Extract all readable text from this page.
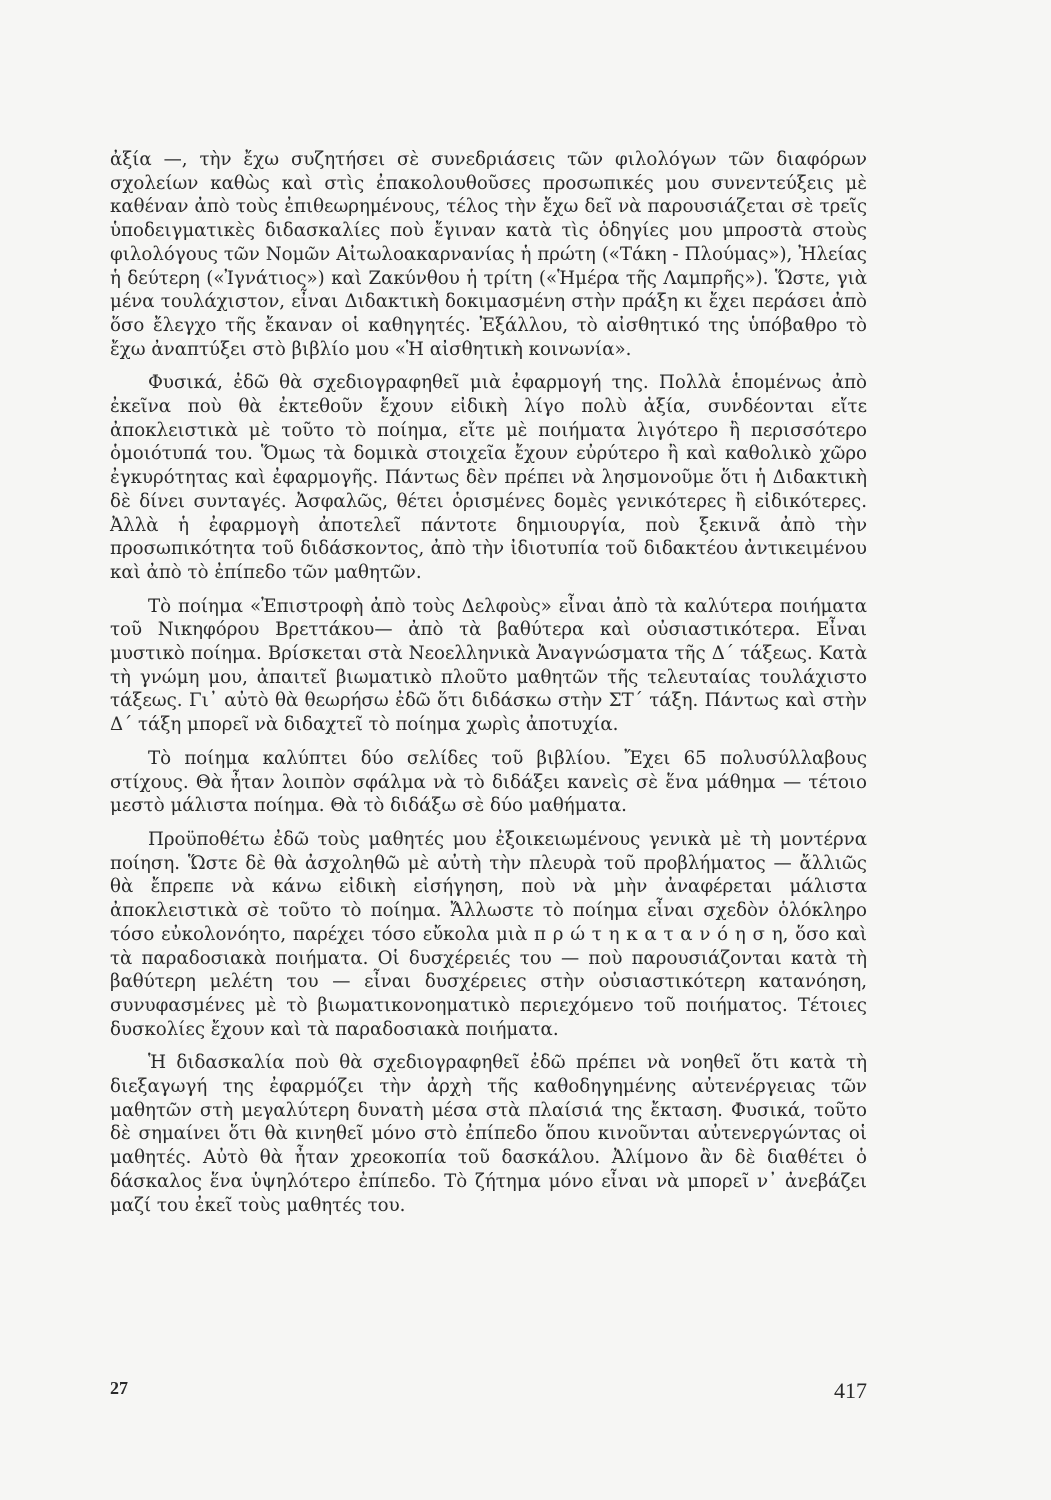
ἀξία —, τὴν ἔχω συζητήσει σὲ συνεδριάσεις τῶν φιλολόγων τῶν διαφόρων σχολείων καθὼς καὶ στὶς ἐπακολουθοῦσες προσωπικές μου συνεντεύξεις μὲ καθέναν ἀπὸ τοὺς ἐπιθεωρημένους, τέλος τὴν ἔχω δεῖ νὰ παρουσιάζεται σὲ τρεῖς ὑποδειγματικὲς διδασκαλίες ποὺ ἔγιναν κατὰ τὶς ὁδηγίες μου μπροστὰ στοὺς φιλολόγους τῶν Νομῶν Αἰτωλοακαρνανίας ἡ πρώτη («Τάκη - Πλούμας»), Ἠλείας ἡ δεύτερη («Ἰγνάτιος») καὶ Ζακύνθου ἡ τρίτη («Ἡμέρα τῆς Λαμπρῆς»). Ὥστε, γιὰ μένα τουλάχιστον, εἶναι Διδακτικὴ δοκιμασμένη στὴν πράξη κι ἔχει περάσει ἀπὸ ὅσο ἔλεγχο τῆς ἔκαναν οἱ καθηγητές. Ἐξάλλου, τὸ αἰσθητικό της ὑπόβαθρο τὸ ἔχω ἀναπτύξει στὸ βιβλίο μου «Ἡ αἰσθητικὴ κοινωνία».

Φυσικά, ἐδῶ θὰ σχεδιογραφηθεῖ μιὰ ἐφαρμογή της. Πολλὰ ἑπομένως ἀπὸ ἐκεῖνα ποὺ θὰ ἐκτεθοῦν ἔχουν εἰδικὴ λίγο πολὺ ἀξία, συνδέονται εἴτε ἀποκλειστικὰ μὲ τοῦτο τὸ ποίημα, εἴτε μὲ ποιήματα λιγότερο ἢ περισσότερο ὁμοιότυπά του. Ὅμως τὰ δομικὰ στοιχεῖα ἔχουν εὐρύτερο ἢ καὶ καθολικὸ χῶρο ἐγκυρότητας καὶ ἐφαρμογῆς. Πάντως δὲν πρέπει νὰ λησμονοῦμε ὅτι ἡ Διδακτικὴ δὲ δίνει συνταγές. Ἀσφαλῶς, θέτει ὁρισμένες δομὲς γενικότερες ἢ εἰδικότερες. Ἀλλὰ ἡ ἐφαρμογὴ ἀποτελεῖ πάντοτε δημιουργία, ποὺ ξεκινᾶ ἀπὸ τὴν προσωπικότητα τοῦ διδάσκοντος, ἀπὸ τὴν ἰδιοτυπία τοῦ διδακτέου ἀντικειμένου καὶ ἀπὸ τὸ ἐπίπεδο τῶν μαθητῶν.

Τὸ ποίημα «Ἐπιστροφὴ ἀπὸ τοὺς Δελφοὺς» εἶναι ἀπὸ τὰ καλύτερα ποιήματα τοῦ Νικηφόρου Βρεττάκου— ἀπὸ τὰ βαθύτερα καὶ οὐσιαστικότερα. Εἶναι μυστικὸ ποίημα. Βρίσκεται στὰ Νεοελληνικὰ Ἀναγνώσματα τῆς Δ΄ τάξεως. Κατὰ τὴ γνώμη μου, ἀπαιτεῖ βιωματικὸ πλοῦτο μαθητῶν τῆς τελευταίας τουλάχιστο τάξεως. Γι᾽ αὐτὸ θὰ θεωρήσω ἐδῶ ὅτι διδάσκω στὴν ΣΤ΄ τάξη. Πάντως καὶ στὴν Δ΄ τάξη μπορεῖ νὰ διδαχτεῖ τὸ ποίημα χωρὶς ἀποτυχία.

Τὸ ποίημα καλύπτει δύο σελίδες τοῦ βιβλίου. Ἔχει 65 πολυσύλλαβους στίχους. Θὰ ἦταν λοιπὸν σφάλμα νὰ τὸ διδάξει κανεὶς σὲ ἕνα μάθημα — τέτοιο μεστὸ μάλιστα ποίημα. Θὰ τὸ διδάξω σὲ δύο μαθήματα.

Προϋποθέτω ἐδῶ τοὺς μαθητές μου ἐξοικειωμένους γενικὰ μὲ τὴ μοντέρνα ποίηση. Ὥστε δὲ θὰ ἀσχοληθῶ μὲ αὐτὴ τὴν πλευρὰ τοῦ προβλήματος — ἄλλιῶς θὰ ἔπρεπε νὰ κάνω εἰδικὴ εἰσήγηση, ποὺ νὰ μὴν ἀναφέρεται μάλιστα ἀποκλειστικὰ σὲ τοῦτο τὸ ποίημα. Ἄλλωστε τὸ ποίημα εἶναι σχεδὸν ὁλόκληρο τόσο εὐκολονόητο, παρέχει τόσο εὔκολα μιὰ π ρ ώ τ η κ α τ α ν ό η σ η, ὅσο καὶ τὰ παραδοσιακὰ ποιήματα. Οἱ δυσχέρειές του — ποὺ παρουσιάζονται κατὰ τὴ βαθύτερη μελέτη του — εἶναι δυσχέρειες στὴν οὐσιαστικότερη κατανόηση, συνυφασμένες μὲ τὸ βιωματικονοηματικὸ περιεχόμενο τοῦ ποιήματος. Τέτοιες δυσκολίες ἔχουν καὶ τὰ παραδοσιακὰ ποιήματα.

Ἡ διδασκαλία ποὺ θὰ σχεδιογραφηθεῖ ἐδῶ πρέπει νὰ νοηθεῖ ὅτι κατὰ τὴ διεξαγωγή της ἐφαρμόζει τὴν ἀρχὴ τῆς καθοδηγημένης αὐτενέργειας τῶν μαθητῶν στὴ μεγαλύτερη δυνατὴ μέσα στὰ πλαίσιά της ἔκταση. Φυσικά, τοῦτο δὲ σημαίνει ὅτι θὰ κινηθεῖ μόνο στὸ ἐπίπεδο ὅπου κινοῦνται αὐτενεργώντας οἱ μαθητές. Αὐτὸ θὰ ἦταν χρεοκοπία τοῦ δασκάλου. Ἀλίμονο ἂν δὲ διαθέτει ὁ δάσκαλος ἕνα ὑψηλότερο ἐπίπεδο. Τὸ ζήτημα μόνο εἶναι νὰ μπορεῖ ν᾽ ἀνεβάζει μαζί του ἐκεῖ τοὺς μαθητές του.

27	417
